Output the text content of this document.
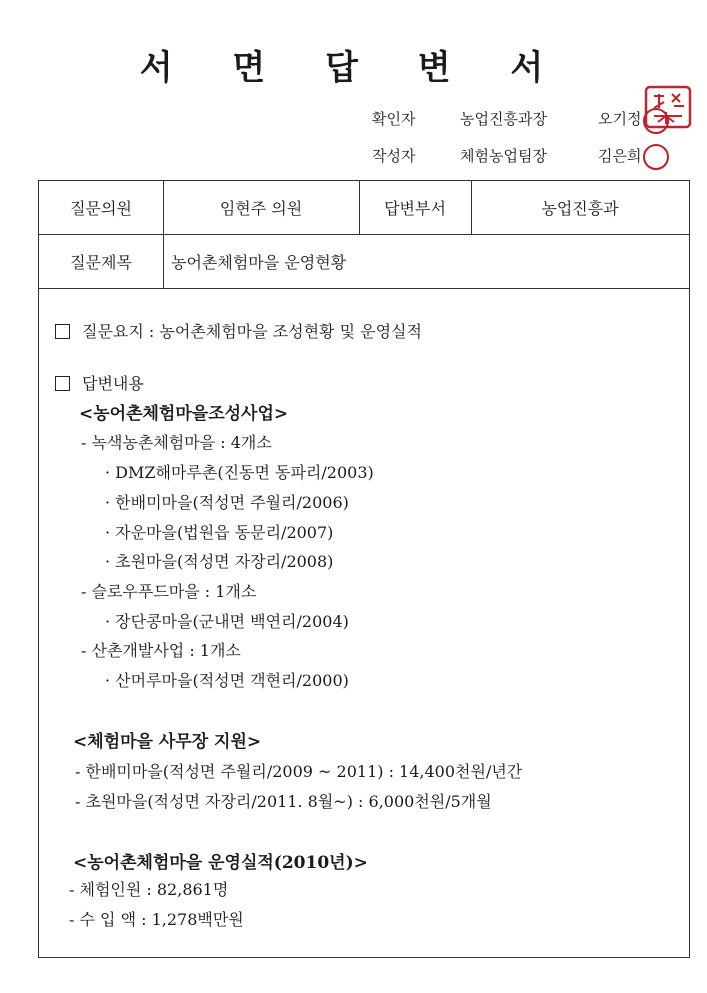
서 면 답 변 서
확인자	농업진흥과장	오기정
작성자	체험농업팀장	김은희
질문의원	임현주 의원	답변부서	농업진흥과
질문제목	농어촌체험마을 운영현황
질문요지 : 농어촌체험마을 조성현황 및 운영실적
답변내용
<농어촌체험마을조성사업>
- 녹색농촌체험마을 : 4개소
· DMZ해마루촌(진동면 동파리/2003)
· 한배미마을(적성면 주월리/2006)
· 자운마을(법원읍 동문리/2007)
· 초원마을(적성면 자장리/2008)
- 슬로우푸드마을 : 1개소
· 장단콩마을(군내면 백연리/2004)
- 산촌개발사업 : 1개소
· 산머루마을(적성면 객현리/2000)
<체험마을 사무장 지원>
- 한배미마을(적성면 주월리/2009 ~ 2011) : 14,400천원/년간
- 초원마을(적성면 자장리/2011. 8월~) : 6,000천원/5개월
<농어촌체험마을 운영실적(2010년)>
- 체험인원 : 82,861명
- 수 입 액 : 1,278백만원
